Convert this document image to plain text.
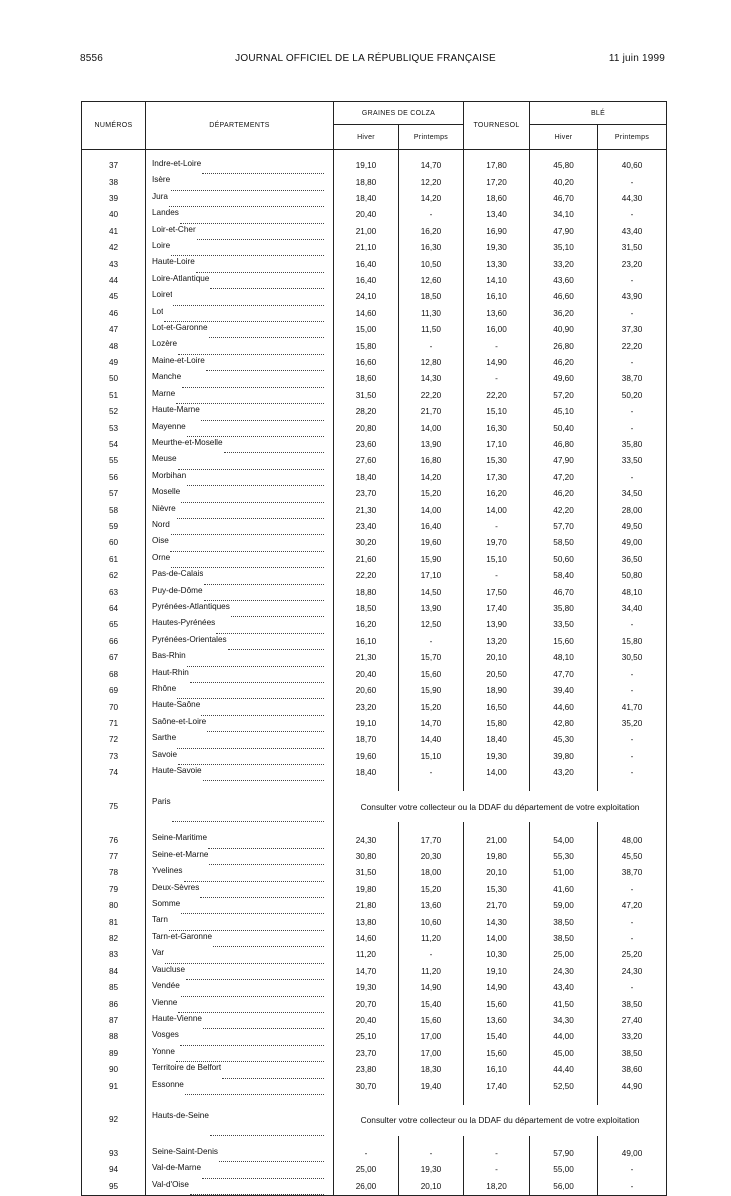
8556	JOURNAL OFFICIEL DE LA RÉPUBLIQUE FRANÇAISE	11 juin 1999
NUMÉROS	DÉPARTEMENTS	GRAINES DE COLZA		TOURNESOL	BLÉ	
		Hiver	Printemps		Hiver	Printemps

37	Indre-et-Loire	19,10	14,70	17,80	45,80	40,60
38	Isère	18,80	12,20	17,20	40,20	-
39	Jura	18,40	14,20	18,60	46,70	44,30
40	Landes	20,40	-	13,40	34,10	-
41	Loir-et-Cher	21,00	16,20	16,90	47,90	43,40
42	Loire	21,10	16,30	19,30	35,10	31,50
43	Haute-Loire	16,40	10,50	13,30	33,20	23,20
44	Loire-Atlantique	16,40	12,60	14,10	43,60	-
45	Loiret	24,10	18,50	16,10	46,60	43,90
46	Lot	14,60	11,30	13,60	36,20	-
47	Lot-et-Garonne	15,00	11,50	16,00	40,90	37,30
48	Lozère	15,80	-	-	26,80	22,20
49	Maine-et-Loire	16,60	12,80	14,90	46,20	-
50	Manche	18,60	14,30	-	49,60	38,70
51	Marne	31,50	22,20	22,20	57,20	50,20
52	Haute-Marne	28,20	21,70	15,10	45,10	-
53	Mayenne	20,80	14,00	16,30	50,40	-
54	Meurthe-et-Moselle	23,60	13,90	17,10	46,80	35,80
55	Meuse	27,60	16,80	15,30	47,90	33,50
56	Morbihan	18,40	14,20	17,30	47,20	-
57	Moselle	23,70	15,20	16,20	46,20	34,50
58	Nièvre	21,30	14,00	14,00	42,20	28,00
59	Nord	23,40	16,40	-	57,70	49,50
60	Oise	30,20	19,60	19,70	58,50	49,00
61	Orne	21,60	15,90	15,10	50,60	36,50
62	Pas-de-Calais	22,20	17,10	-	58,40	50,80
63	Puy-de-Dôme	18,80	14,50	17,50	46,70	48,10
64	Pyrénées-Atlantiques	18,50	13,90	17,40	35,80	34,40
65	Hautes-Pyrénées	16,20	12,50	13,90	33,50	-
66	Pyrénées-Orientales	16,10	-	13,20	15,60	15,80
67	Bas-Rhin	21,30	15,70	20,10	48,10	30,50
68	Haut-Rhin	20,40	15,60	20,50	47,70	-
69	Rhône	20,60	15,90	18,90	39,40	-
70	Haute-Saône	23,20	15,20	16,50	44,60	41,70
71	Saône-et-Loire	19,10	14,70	15,80	42,80	35,20
72	Sarthe	18,70	14,40	18,40	45,30	-
73	Savoie	19,60	15,10	19,30	39,80	-
74	Haute-Savoie	18,40	-	14,00	43,20	-

75	Paris	Consulter votre collecteur ou la DDAF du département de votre exploitation				

76	Seine-Maritime	24,30	17,70	21,00	54,00	48,00
77	Seine-et-Marne	30,80	20,30	19,80	55,30	45,50
78	Yvelines	31,50	18,00	20,10	51,00	38,70
79	Deux-Sèvres	19,80	15,20	15,30	41,60	-
80	Somme	21,80	13,60	21,70	59,00	47,20
81	Tarn	13,80	10,60	14,30	38,50	-
82	Tarn-et-Garonne	14,60	11,20	14,00	38,50	-
83	Var	11,20	-	10,30	25,00	25,20
84	Vaucluse	14,70	11,20	19,10	24,30	24,30
85	Vendée	19,30	14,90	14,90	43,40	-
86	Vienne	20,70	15,40	15,60	41,50	38,50
87	Haute-Vienne	20,40	15,60	13,60	34,30	27,40
88	Vosges	25,10	17,00	15,40	44,00	33,20
89	Yonne	23,70	17,00	15,60	45,00	38,50
90	Territoire de Belfort	23,80	18,30	16,10	44,40	38,60
91	Essonne	30,70	19,40	17,40	52,50	44,90

92	Hauts-de-Seine	Consulter votre collecteur ou la DDAF du département de votre exploitation				

93	Seine-Saint-Denis	-	-	-	57,90	49,00
94	Val-de-Marne	25,00	19,30	-	55,00	-
95	Val-d'Oise	26,00	20,10	18,20	56,00	-
